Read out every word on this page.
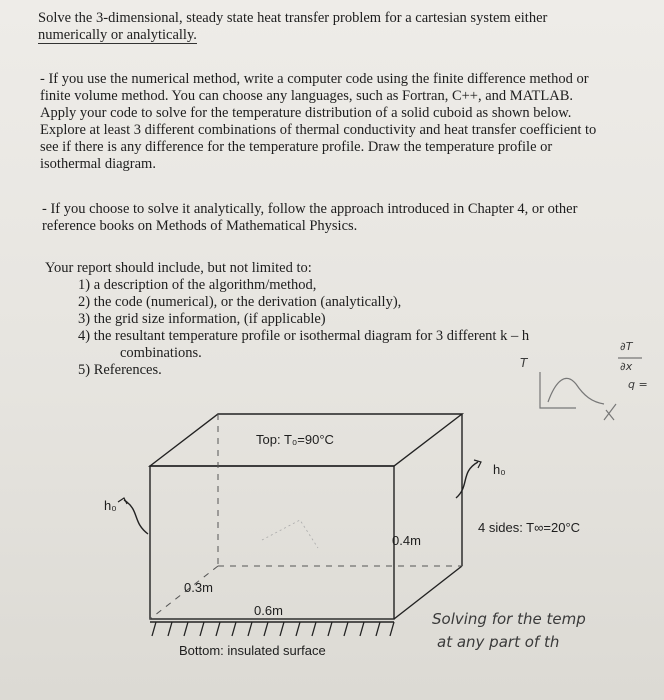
Solve the 3-dimensional, steady state heat transfer problem for a cartesian system either
numerically or analytically.
- If you use the numerical method, write a computer code using the finite difference method or
finite volume method. You can choose any languages, such as Fortran, C++, and MATLAB.
Apply your code to solve for the temperature distribution of a solid cuboid as shown below.
Explore at least 3 different combinations of thermal conductivity and heat transfer coefficient to
see if there is any difference for the temperature profile. Draw the temperature profile or
isothermal diagram.
- If you choose to solve it analytically, follow the approach introduced in Chapter 4, or other
reference books on Methods of Mathematical Physics.
Your report should include, but not limited to:
1) a description of the algorithm/method,
2) the code (numerical), or the derivation (analytically),
3) the grid size information, (if applicable)
4) the resultant temperature profile or isothermal diagram for 3 different k – h
combinations.
5) References.
Top: T₀=90°C
h₀
h₀
4 sides: T∞=20°C
0.4m
0.3m
0.6m
Bottom: insulated surface
Solving for the temp
at any part of th
T
∂T
∂x
q =
